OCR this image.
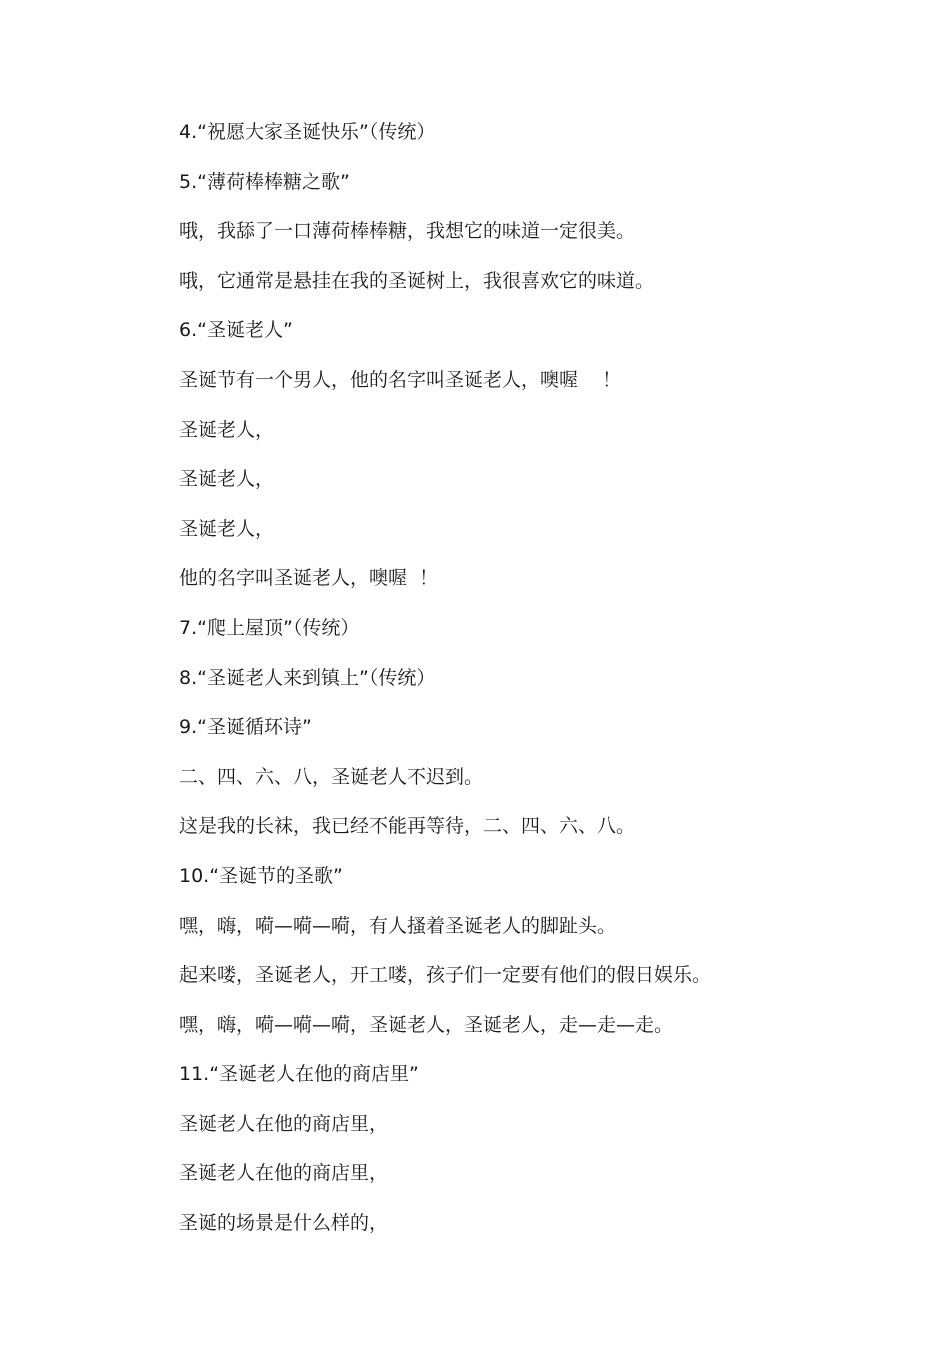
4.“祝愿大家圣诞快乐”（传统）
5.“薄荷棒棒糖之歌”
哦，我舔了一口薄荷棒棒糖，我想它的味道一定很美。
哦，它通常是悬挂在我的圣诞树上，我很喜欢它的味道。
6.“圣诞老人”
圣诞节有一个男人，他的名字叫圣诞老人，噢喔    ！
圣诞老人，
圣诞老人，
圣诞老人，
他的名字叫圣诞老人，噢喔  ！
7.“爬上屋顶”（传统）
8.“圣诞老人来到镇上”（传统）
9.“圣诞循环诗”
二、四、六、八，圣诞老人不迟到。
这是我的长袜，我已经不能再等待，二、四、六、八。
10.“圣诞节的圣歌”
嘿，嗨，嗬—嗬—嗬，有人搔着圣诞老人的脚趾头。
起来喽，圣诞老人，开工喽，孩子们一定要有他们的假日娱乐。
嘿，嗨，嗬—嗬—嗬，圣诞老人，圣诞老人，走—走—走。
11.“圣诞老人在他的商店里”
圣诞老人在他的商店里，
圣诞老人在他的商店里，
圣诞的场景是什么样的，
